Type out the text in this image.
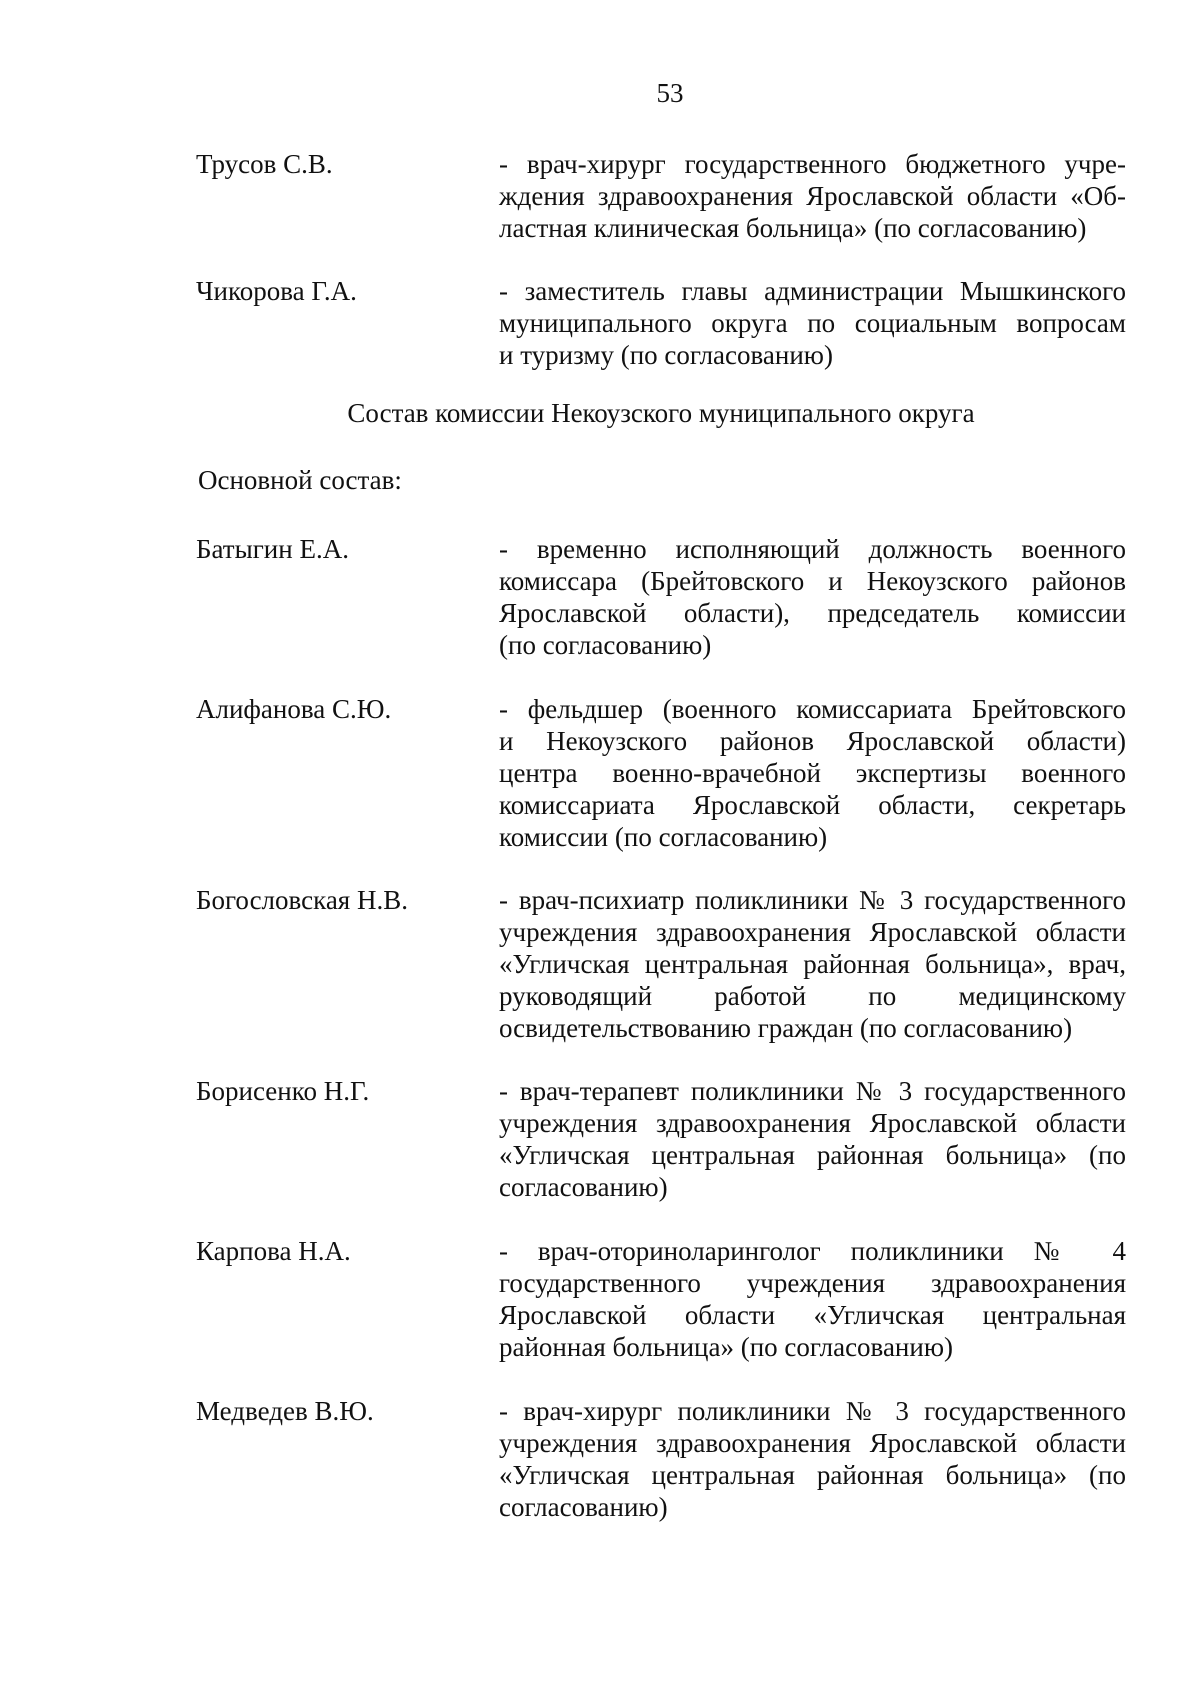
53
Трусов С.В.	- врач-хирург государственного бюджетного учре-
ждения здравоохранения Ярославской области «Об-
ластная клиническая больница» (по согласованию)
Чикорова Г.А.	- заместитель главы администрации Мышкинского
муниципального округа по социальным вопросам
и туризму (по согласованию)
Состав комиссии Некоузского муниципального округа
Основной состав:
Батыгин Е.А.	- временно исполняющий должность военного
комиссара (Брейтовского и Некоузского районов
Ярославской области), председатель комиссии
(по согласованию)
Алифанова С.Ю.	- фельдшер (военного комиссариата Брейтовского
и Некоузского районов Ярославской области)
центра военно-врачебной экспертизы военного
комиссариата Ярославской области, секретарь
комиссии (по согласованию)
Богословская Н.В.	- врач-психиатр поликлиники № 3 государственного
учреждения здравоохранения Ярославской области
«Угличская центральная районная больница», врач,
руководящий работой по медицинскому
освидетельствованию граждан (по согласованию)
Борисенко Н.Г.	- врач-терапевт поликлиники № 3 государственного
учреждения здравоохранения Ярославской области
«Угличская центральная районная больница» (по
согласованию)
Карпова Н.А.	- врач-оториноларинголог поликлиники № 4
государственного учреждения здравоохранения
Ярославской области «Угличская центральная
районная больница» (по согласованию)
Медведев В.Ю.	- врач-хирург поликлиники № 3 государственного
учреждения здравоохранения Ярославской области
«Угличская центральная районная больница» (по
согласованию)
